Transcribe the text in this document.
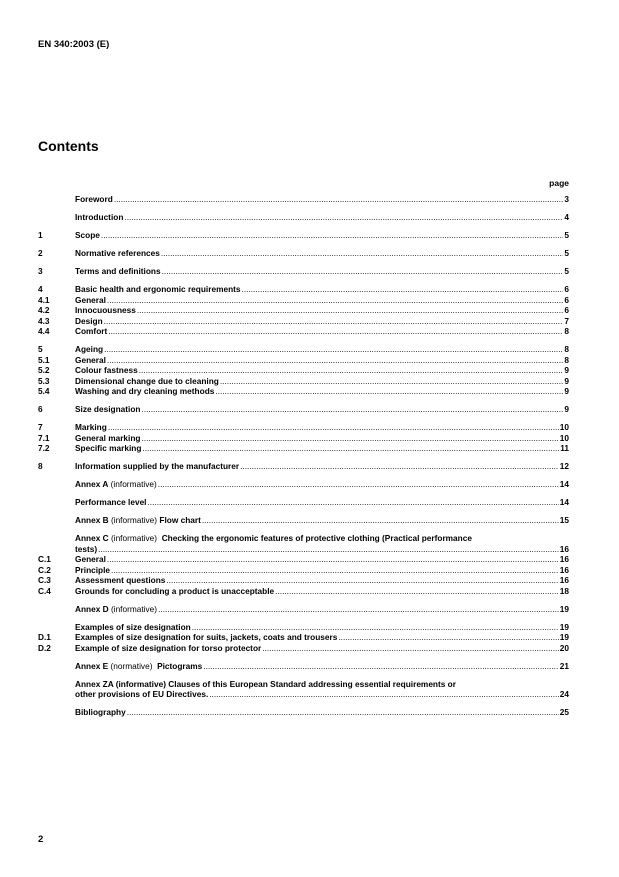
EN 340:2003 (E)
Contents
page
Foreword .....	3
Introduction .....	4
1	Scope .....	5
2	Normative references .....	5
3	Terms and definitions .....	5
4	Basic health and ergonomic requirements .....	6
4.1	General .....	6
4.2	Innocuousness .....	6
4.3	Design .....	7
4.4	Comfort .....	8
5	Ageing .....	8
5.1	General .....	8
5.2	Colour fastness .....	9
5.3	Dimensional change due to cleaning .....	9
5.4	Washing and dry cleaning methods .....	9
6	Size designation .....	9
7	Marking .....	10
7.1	General marking .....	10
7.2	Specific marking .....	11
8	Information supplied by the manufacturer .....	12
Annex A (informative) .....	14
Performance level .....	14
Annex B (informative) Flow chart .....	15
Annex C (informative)  Checking the ergonomic features of protective clothing (Practical performance
tests) .....	16
C.1	General .....	16
C.2	Principle .....	16
C.3	Assessment questions .....	16
C.4	Grounds for concluding a product is unacceptable .....	18
Annex D (informative) .....	19
Examples of size designation .....	19
D.1	Examples of size designation for suits, jackets, coats and trousers .....	19
D.2	Example of size designation for torso protector .....	20
Annex E (normative)  Pictograms .....	21
Annex ZA (informative) Clauses of this European Standard addressing essential requirements or
other provisions of EU Directives. .....	24
Bibliography .....	25
2
